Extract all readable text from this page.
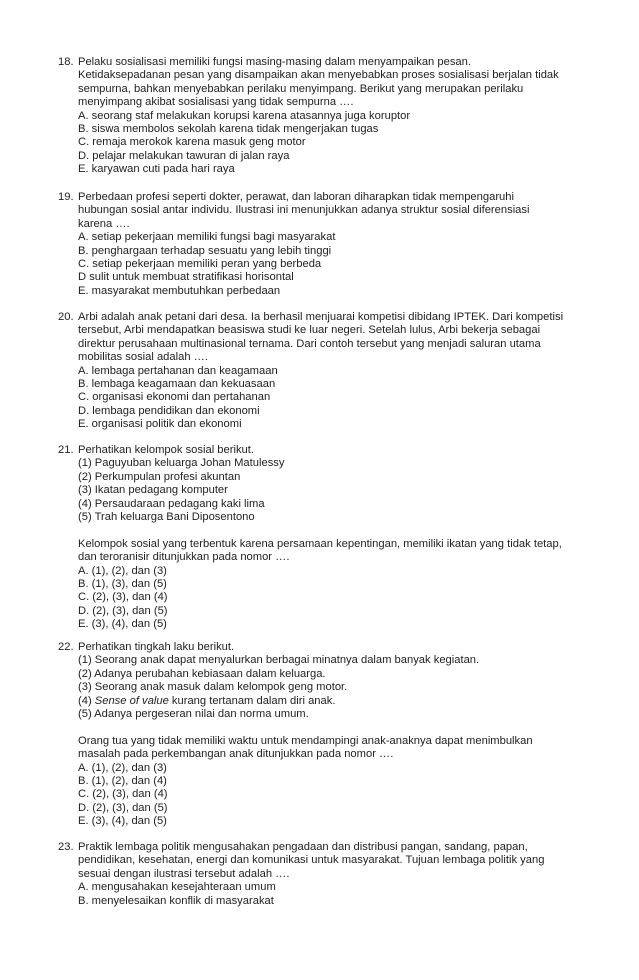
18. Pelaku sosialisasi memiliki fungsi masing-masing dalam menyampaikan pesan.
Ketidaksepadanan pesan yang disampaikan akan menyebabkan proses sosialisasi berjalan tidak
sempurna, bahkan menyebabkan perilaku menyimpang. Berikut yang merupakan perilaku
menyimpang akibat sosialisasi yang tidak sempurna ….
A. seorang staf melakukan korupsi karena atasannya juga koruptor
B. siswa membolos sekolah karena tidak mengerjakan tugas
C. remaja merokok karena masuk geng motor
D. pelajar melakukan tawuran di jalan raya
E. karyawan cuti pada hari raya
19. Perbedaan profesi seperti dokter, perawat, dan laboran diharapkan tidak mempengaruhi
hubungan sosial antar individu. Ilustrasi ini menunjukkan adanya struktur sosial diferensiasi
karena ….
A. setiap pekerjaan memiliki fungsi bagi masyarakat
B. penghargaan terhadap sesuatu yang lebih tinggi
C. setiap pekerjaan memiliki peran yang berbeda
D sulit untuk membuat stratifikasi horisontal
E. masyarakat membutuhkan perbedaan
20. Arbi adalah anak petani dari desa. Ia berhasil menjuarai kompetisi dibidang IPTEK. Dari kompetisi
tersebut, Arbi mendapatkan beasiswa studi ke luar negeri. Setelah lulus, Arbi bekerja sebagai
direktur perusahaan multinasional ternama. Dari contoh tersebut yang menjadi saluran utama
mobilitas sosial adalah ….
A. lembaga pertahanan dan keagamaan
B. lembaga keagamaan dan kekuasaan
C. organisasi ekonomi dan pertahanan
D. lembaga pendidikan dan ekonomi
E. organisasi politik dan ekonomi
21. Perhatikan kelompok sosial berikut.
(1) Paguyuban keluarga Johan Matulessy
(2) Perkumpulan profesi akuntan
(3) Ikatan pedagang komputer
(4) Persaudaraan pedagang kaki lima
(5) Trah keluarga Bani Diposentono
Kelompok sosial yang terbentuk karena persamaan kepentingan, memiliki ikatan yang tidak tetap,
dan teroranisir ditunjukkan pada nomor ….
A. (1), (2), dan (3)
B. (1), (3), dan (5)
C. (2), (3), dan (4)
D. (2), (3), dan (5)
E. (3), (4), dan (5)
22. Perhatikan tingkah laku berikut.
(1) Seorang anak dapat menyalurkan berbagai minatnya dalam banyak kegiatan.
(2) Adanya perubahan kebiasaan dalam keluarga.
(3) Seorang anak masuk dalam kelompok geng motor.
(4) Sense of value kurang tertanam dalam diri anak.
(5) Adanya pergeseran nilai dan norma umum.
Orang tua yang tidak memiliki waktu untuk mendampingi anak-anaknya dapat menimbulkan
masalah pada perkembangan anak ditunjukkan pada nomor ….
A. (1), (2), dan (3)
B. (1), (2), dan (4)
C. (2), (3), dan (4)
D. (2), (3), dan (5)
E. (3), (4), dan (5)
23. Praktik lembaga politik mengusahakan pengadaan dan distribusi pangan, sandang, papan,
pendidikan, kesehatan, energi dan komunikasi untuk masyarakat. Tujuan lembaga politik yang
sesuai dengan ilustrasi tersebut adalah ….
A. mengusahakan kesejahteraan umum
B. menyelesaikan konflik di masyarakat
